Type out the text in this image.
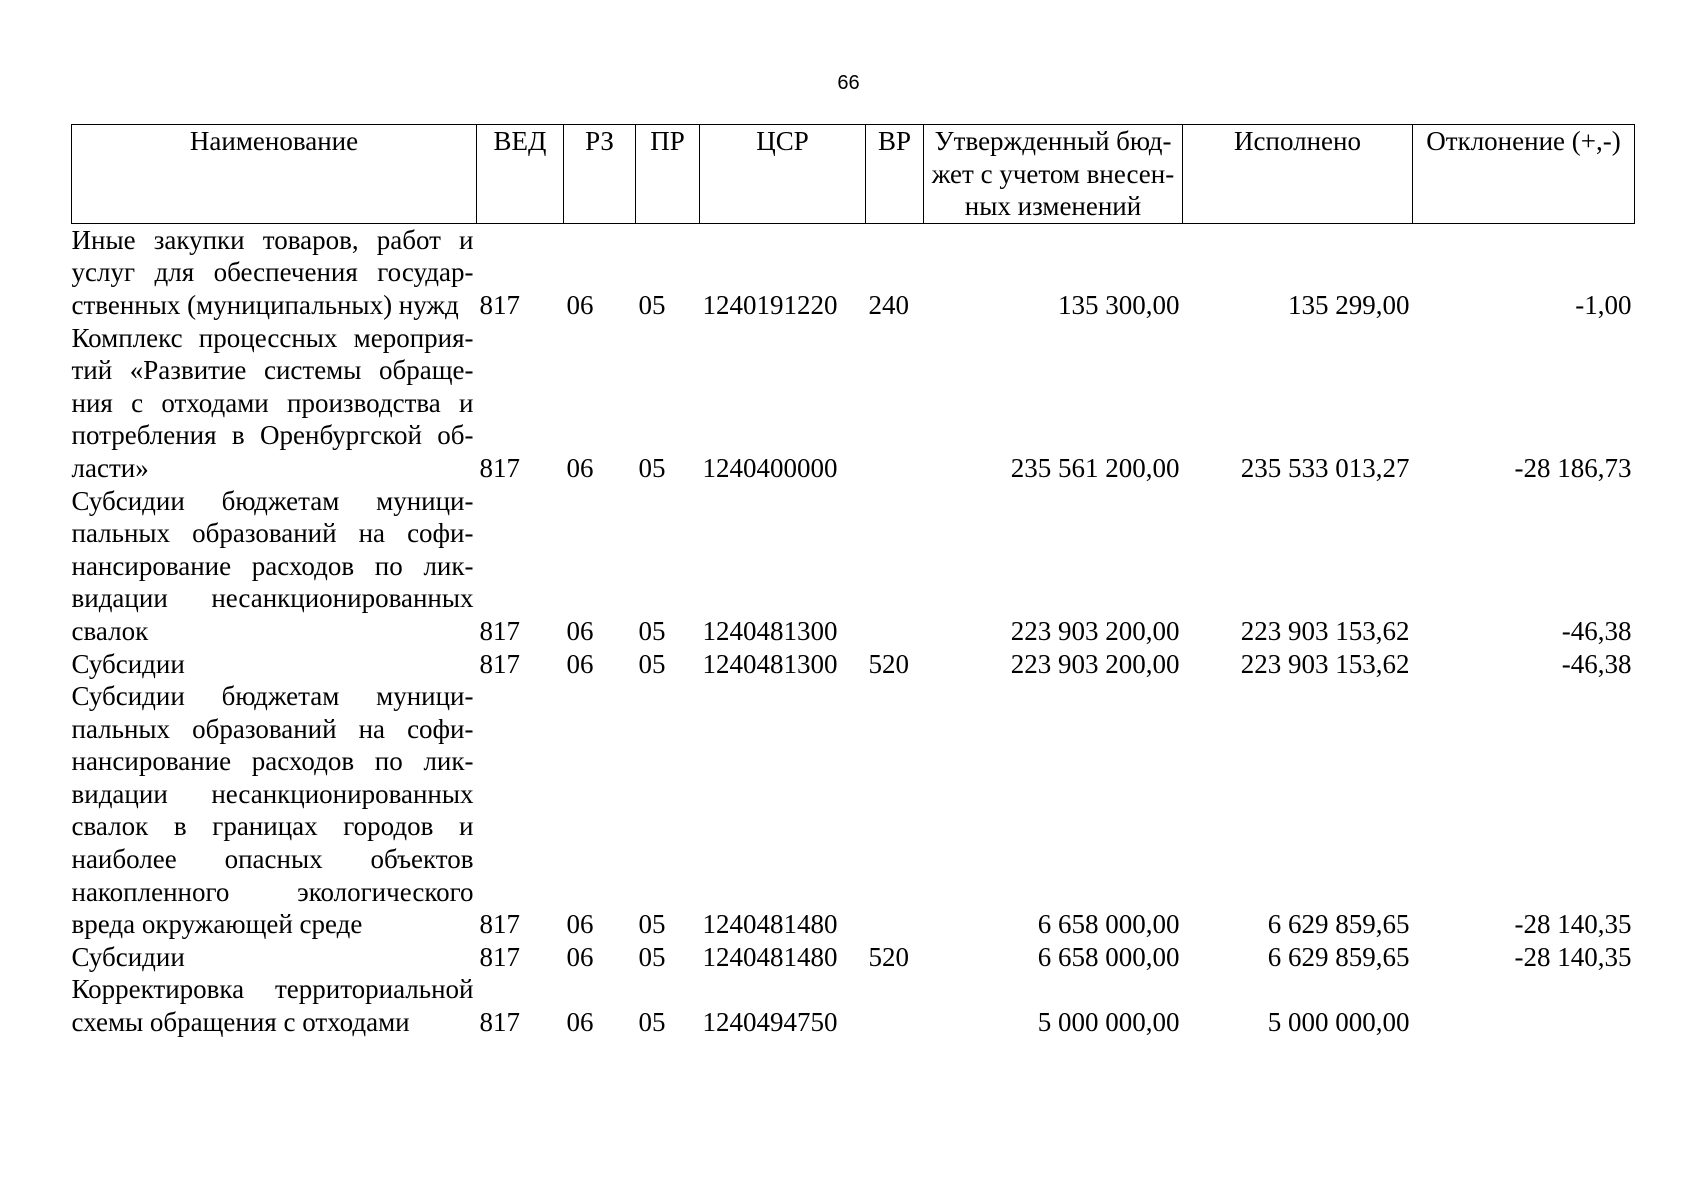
66
Наименование	ВЕД	РЗ	ПР	ЦСР	ВР	Утвержденный бюд-жет с учетом внесен-ных изменений	Исполнено	Отклонение (+,-)
Иные закупки товаров, работ и услуг для обеспечения государ-ственных (муниципальных) нужд	817	06	05	1240191220	240	135 300,00	135 299,00	-1,00
Комплекс процессных мероприя-тий «Развитие системы обраще-ния с отходами производства и потребления в Оренбургской об-ласти»	817	06	05	1240400000		235 561 200,00	235 533 013,27	-28 186,73
Субсидии бюджетам муници-пальных образований на софи-нансирование расходов по лик-видации несанкционированных свалок	817	06	05	1240481300		223 903 200,00	223 903 153,62	-46,38
Субсидии	817	06	05	1240481300	520	223 903 200,00	223 903 153,62	-46,38
Субсидии бюджетам муници-пальных образований на софи-нансирование расходов по лик-видации несанкционированных свалок в границах городов и наиболее опасных объектов накопленного экологического вреда окружающей среде	817	06	05	1240481480		6 658 000,00	6 629 859,65	-28 140,35
Субсидии	817	06	05	1240481480	520	6 658 000,00	6 629 859,65	-28 140,35
Корректировка территориальной схемы обращения с отходами	817	06	05	1240494750		5 000 000,00	5 000 000,00	
